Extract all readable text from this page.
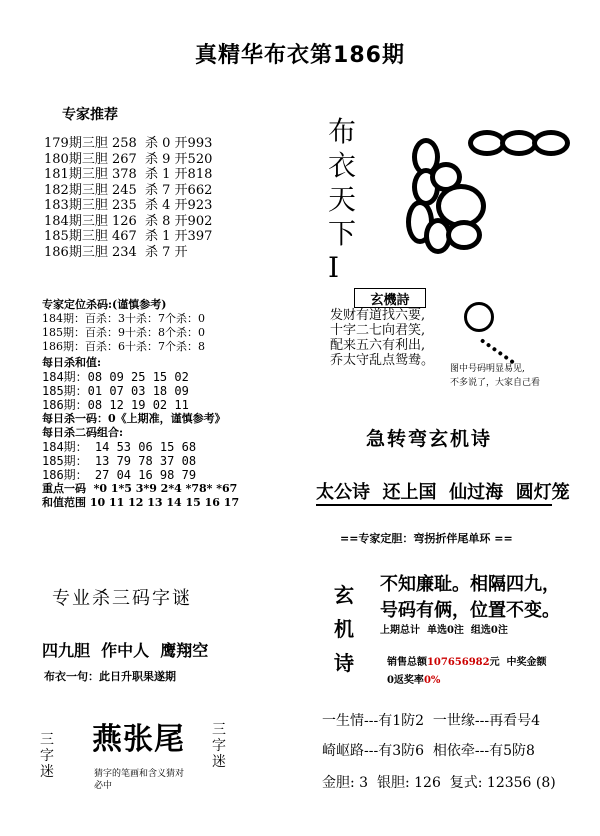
真精华布衣第186期
专家推荐
179期三胆 258  杀 0 开993
180期三胆 267  杀 9 开520
181期三胆 378  杀 1 开818
182期三胆 245  杀 7 开662
183期三胆 235  杀 4 开923
184期三胆 126  杀 8 开902
185期三胆 467  杀 1 开397
186期三胆 234  杀 7 开
专家定位杀码:(谨慎参考)
184期：百杀：3十杀：7个杀：0
185期：百杀：9十杀：8个杀：0
186期：百杀：6十杀：7个杀：8
每日杀和值:
184期：08 09 25 15 02
185期：01 07 03 18 09
186期：08 12 19 02 11
每日杀一码：0《上期准，谨慎参考》
每日杀二码组合:
184期： 14 53 06 15 68
185期： 13 79 78 37 08
186期： 27 04 16 98 79
重点一码  *0 1*5 3*9 2*4 *78* *67
和值范围 10 11 12 13 14 15 16 17
布
衣
天
下
I
玄機詩
发财有道找六要,
十字二七向君笑,
配来五六有利出,
乔太守乱点鸳鸯。
图中号码明显易见,
不多说了，大家自己看
急转弯玄机诗
太公诗  还上国  仙过海  圆灯笼
==专家定胆：弯拐折伴尾单环 ==
专业杀三码字谜
四九胆  作中人  鹰翔空
布衣一句：此日升职果遂期
三字迷
燕张尾
猜字的笔画和含义猜对必中
三字迷
玄
机
诗
不知廉耻。相隔四九，
号码有俩，位置不变。
上期总计  单选0注  组选0注

销售总额107656982元  中奖金额

0返奖率0%

一生情---有1防2  一世缘---再看号4
崎岖路---有3防6  相依牵---有5防8
金胆: 3  银胆: 126  复式: 12356 (8)
